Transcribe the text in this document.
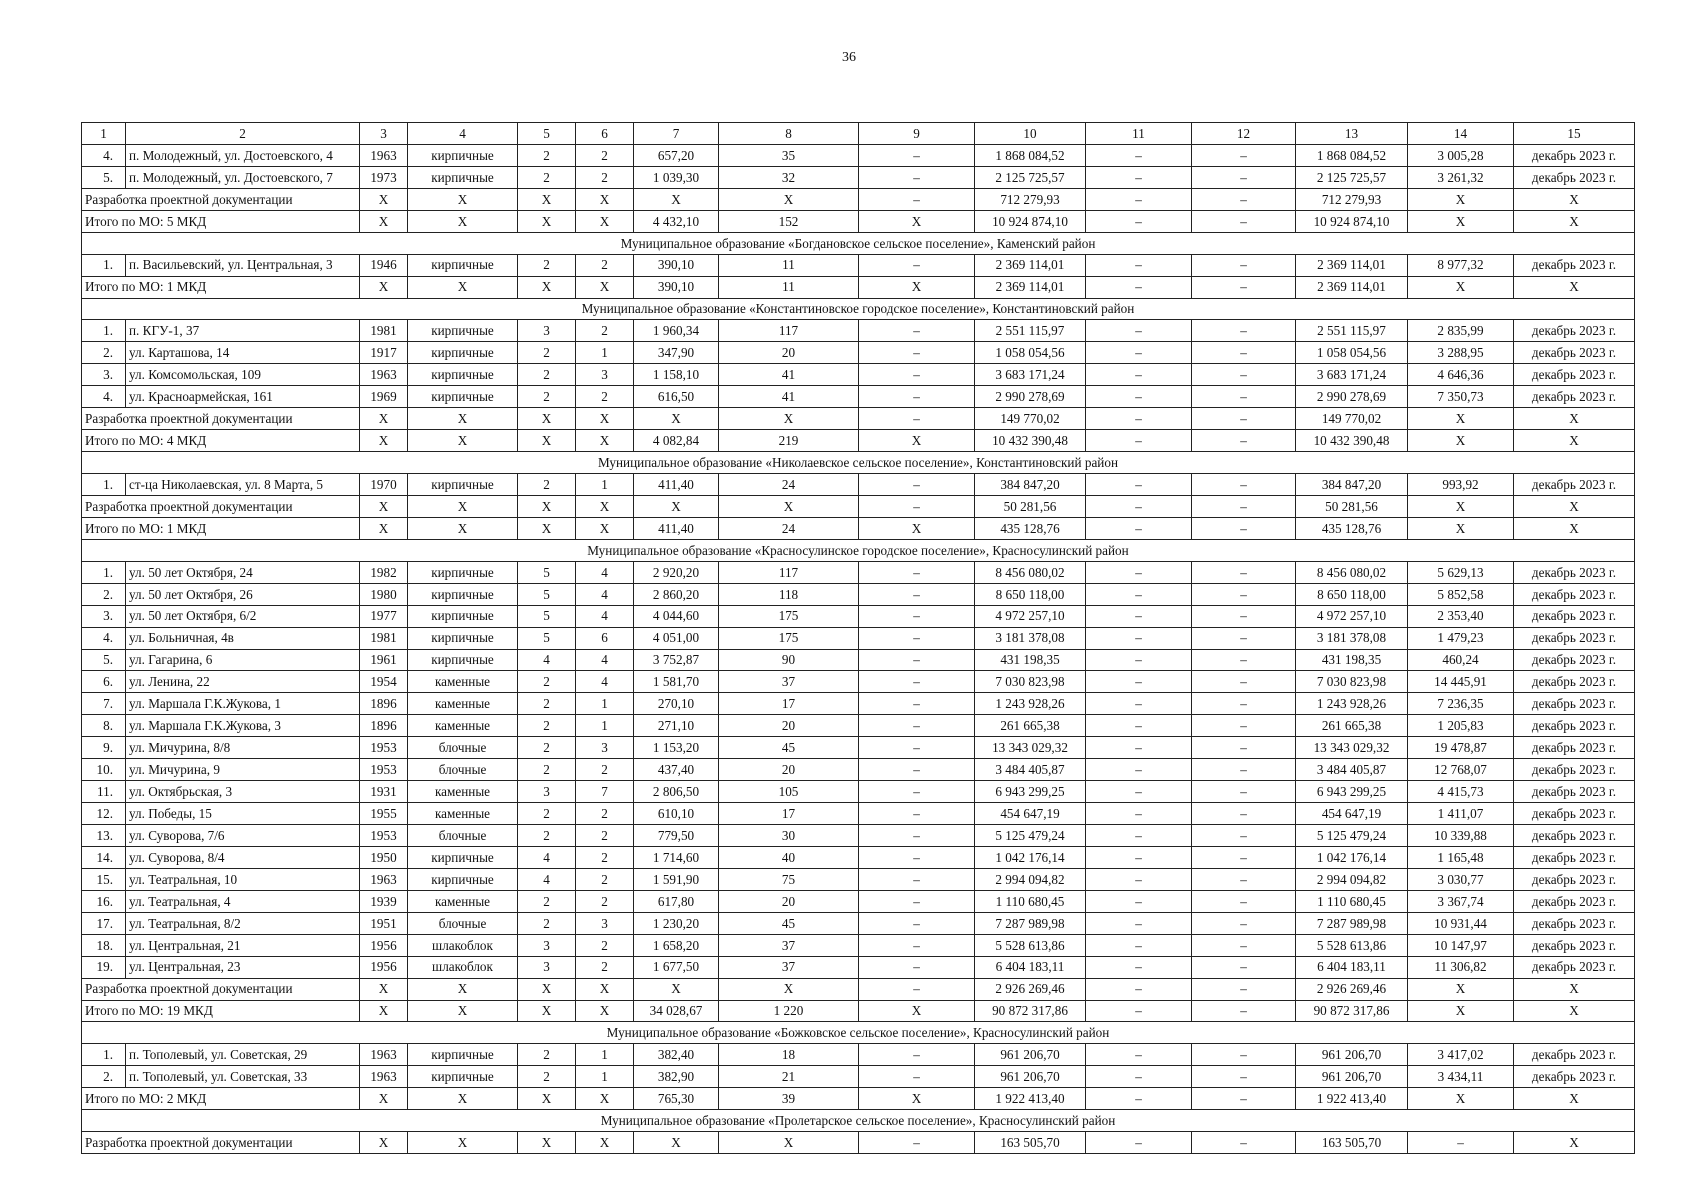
36
1	2	3	4	5	6	7	8	9	10	11	12	13	14	15
4.	п. Молодежный, ул. Достоевского, 4	1963	кирпичные	2	2	657,20	35	–	1 868 084,52	–	–	1 868 084,52	3 005,28	декабрь 2023 г.
5.	п. Молодежный, ул. Достоевского, 7	1973	кирпичные	2	2	1 039,30	32	–	2 125 725,57	–	–	2 125 725,57	3 261,32	декабрь 2023 г.
Разработка проектной документации		Х	Х	Х	Х	Х	Х	–	712 279,93	–	–	712 279,93	Х	Х
Итого по МО: 5 МКД		Х	Х	Х	Х	4 432,10	152	Х	10 924 874,10	–	–	10 924 874,10	Х	Х
Муниципальное образование «Богдановское сельское поселение», Каменский район														
1.	п. Васильевский, ул. Центральная, 3	1946	кирпичные	2	2	390,10	11	–	2 369 114,01	–	–	2 369 114,01	8 977,32	декабрь 2023 г.
Итого по МО: 1 МКД		Х	Х	Х	Х	390,10	11	Х	2 369 114,01	–	–	2 369 114,01	Х	Х
Муниципальное образование «Константиновское городское поселение», Константиновский район														
1.	п. КГУ-1, 37	1981	кирпичные	3	2	1 960,34	117	–	2 551 115,97	–	–	2 551 115,97	2 835,99	декабрь 2023 г.
2.	ул. Карташова, 14	1917	кирпичные	2	1	347,90	20	–	1 058 054,56	–	–	1 058 054,56	3 288,95	декабрь 2023 г.
3.	ул. Комсомольская, 109	1963	кирпичные	2	3	1 158,10	41	–	3 683 171,24	–	–	3 683 171,24	4 646,36	декабрь 2023 г.
4.	ул. Красноармейская, 161	1969	кирпичные	2	2	616,50	41	–	2 990 278,69	–	–	2 990 278,69	7 350,73	декабрь 2023 г.
Разработка проектной документации		Х	Х	Х	Х	Х	Х	–	149 770,02	–	–	149 770,02	Х	Х
Итого по МО: 4 МКД		Х	Х	Х	Х	4 082,84	219	Х	10 432 390,48	–	–	10 432 390,48	Х	Х
Муниципальное образование «Николаевское сельское поселение», Константиновский район														
1.	ст-ца Николаевская, ул. 8 Марта, 5	1970	кирпичные	2	1	411,40	24	–	384 847,20	–	–	384 847,20	993,92	декабрь 2023 г.
Разработка проектной документации		Х	Х	Х	Х	Х	Х	–	50 281,56	–	–	50 281,56	Х	Х
Итого по МО: 1 МКД		Х	Х	Х	Х	411,40	24	Х	435 128,76	–	–	435 128,76	Х	Х
Муниципальное образование «Красносулинское городское поселение», Красносулинский район														
1.	ул. 50 лет Октября, 24	1982	кирпичные	5	4	2 920,20	117	–	8 456 080,02	–	–	8 456 080,02	5 629,13	декабрь 2023 г.
2.	ул. 50 лет Октября, 26	1980	кирпичные	5	4	2 860,20	118	–	8 650 118,00	–	–	8 650 118,00	5 852,58	декабрь 2023 г.
3.	ул. 50 лет Октября, 6/2	1977	кирпичные	5	4	4 044,60	175	–	4 972 257,10	–	–	4 972 257,10	2 353,40	декабрь 2023 г.
4.	ул. Больничная, 4в	1981	кирпичные	5	6	4 051,00	175	–	3 181 378,08	–	–	3 181 378,08	1 479,23	декабрь 2023 г.
5.	ул. Гагарина, 6	1961	кирпичные	4	4	3 752,87	90	–	431 198,35	–	–	431 198,35	460,24	декабрь 2023 г.
6.	ул. Ленина, 22	1954	каменные	2	4	1 581,70	37	–	7 030 823,98	–	–	7 030 823,98	14 445,91	декабрь 2023 г.
7.	ул. Маршала Г.К.Жукова, 1	1896	каменные	2	1	270,10	17	–	1 243 928,26	–	–	1 243 928,26	7 236,35	декабрь 2023 г.
8.	ул. Маршала Г.К.Жукова, 3	1896	каменные	2	1	271,10	20	–	261 665,38	–	–	261 665,38	1 205,83	декабрь 2023 г.
9.	ул. Мичурина, 8/8	1953	блочные	2	3	1 153,20	45	–	13 343 029,32	–	–	13 343 029,32	19 478,87	декабрь 2023 г.
10.	ул. Мичурина, 9	1953	блочные	2	2	437,40	20	–	3 484 405,87	–	–	3 484 405,87	12 768,07	декабрь 2023 г.
11.	ул. Октябрьская, 3	1931	каменные	3	7	2 806,50	105	–	6 943 299,25	–	–	6 943 299,25	4 415,73	декабрь 2023 г.
12.	ул. Победы, 15	1955	каменные	2	2	610,10	17	–	454 647,19	–	–	454 647,19	1 411,07	декабрь 2023 г.
13.	ул. Суворова, 7/6	1953	блочные	2	2	779,50	30	–	5 125 479,24	–	–	5 125 479,24	10 339,88	декабрь 2023 г.
14.	ул. Суворова, 8/4	1950	кирпичные	4	2	1 714,60	40	–	1 042 176,14	–	–	1 042 176,14	1 165,48	декабрь 2023 г.
15.	ул. Театральная, 10	1963	кирпичные	4	2	1 591,90	75	–	2 994 094,82	–	–	2 994 094,82	3 030,77	декабрь 2023 г.
16.	ул. Театральная, 4	1939	каменные	2	2	617,80	20	–	1 110 680,45	–	–	1 110 680,45	3 367,74	декабрь 2023 г.
17.	ул. Театральная, 8/2	1951	блочные	2	3	1 230,20	45	–	7 287 989,98	–	–	7 287 989,98	10 931,44	декабрь 2023 г.
18.	ул. Центральная, 21	1956	шлакоблок	3	2	1 658,20	37	–	5 528 613,86	–	–	5 528 613,86	10 147,97	декабрь 2023 г.
19.	ул. Центральная, 23	1956	шлакоблок	3	2	1 677,50	37	–	6 404 183,11	–	–	6 404 183,11	11 306,82	декабрь 2023 г.
Разработка проектной документации		Х	Х	Х	Х	Х	Х	–	2 926 269,46	–	–	2 926 269,46	Х	Х
Итого по МО: 19 МКД		Х	Х	Х	Х	34 028,67	1 220	Х	90 872 317,86	–	–	90 872 317,86	Х	Х
Муниципальное образование «Божковское сельское поселение», Красносулинский район														
1.	п. Тополевый, ул. Советская, 29	1963	кирпичные	2	1	382,40	18	–	961 206,70	–	–	961 206,70	3 417,02	декабрь 2023 г.
2.	п. Тополевый, ул. Советская, 33	1963	кирпичные	2	1	382,90	21	–	961 206,70	–	–	961 206,70	3 434,11	декабрь 2023 г.
Итого по МО: 2 МКД		Х	Х	Х	Х	765,30	39	Х	1 922 413,40	–	–	1 922 413,40	Х	Х
Муниципальное образование «Пролетарское сельское поселение», Красносулинский район														
Разработка проектной документации		Х	Х	Х	Х	Х	Х	–	163 505,70	–	–	163 505,70	–	Х
